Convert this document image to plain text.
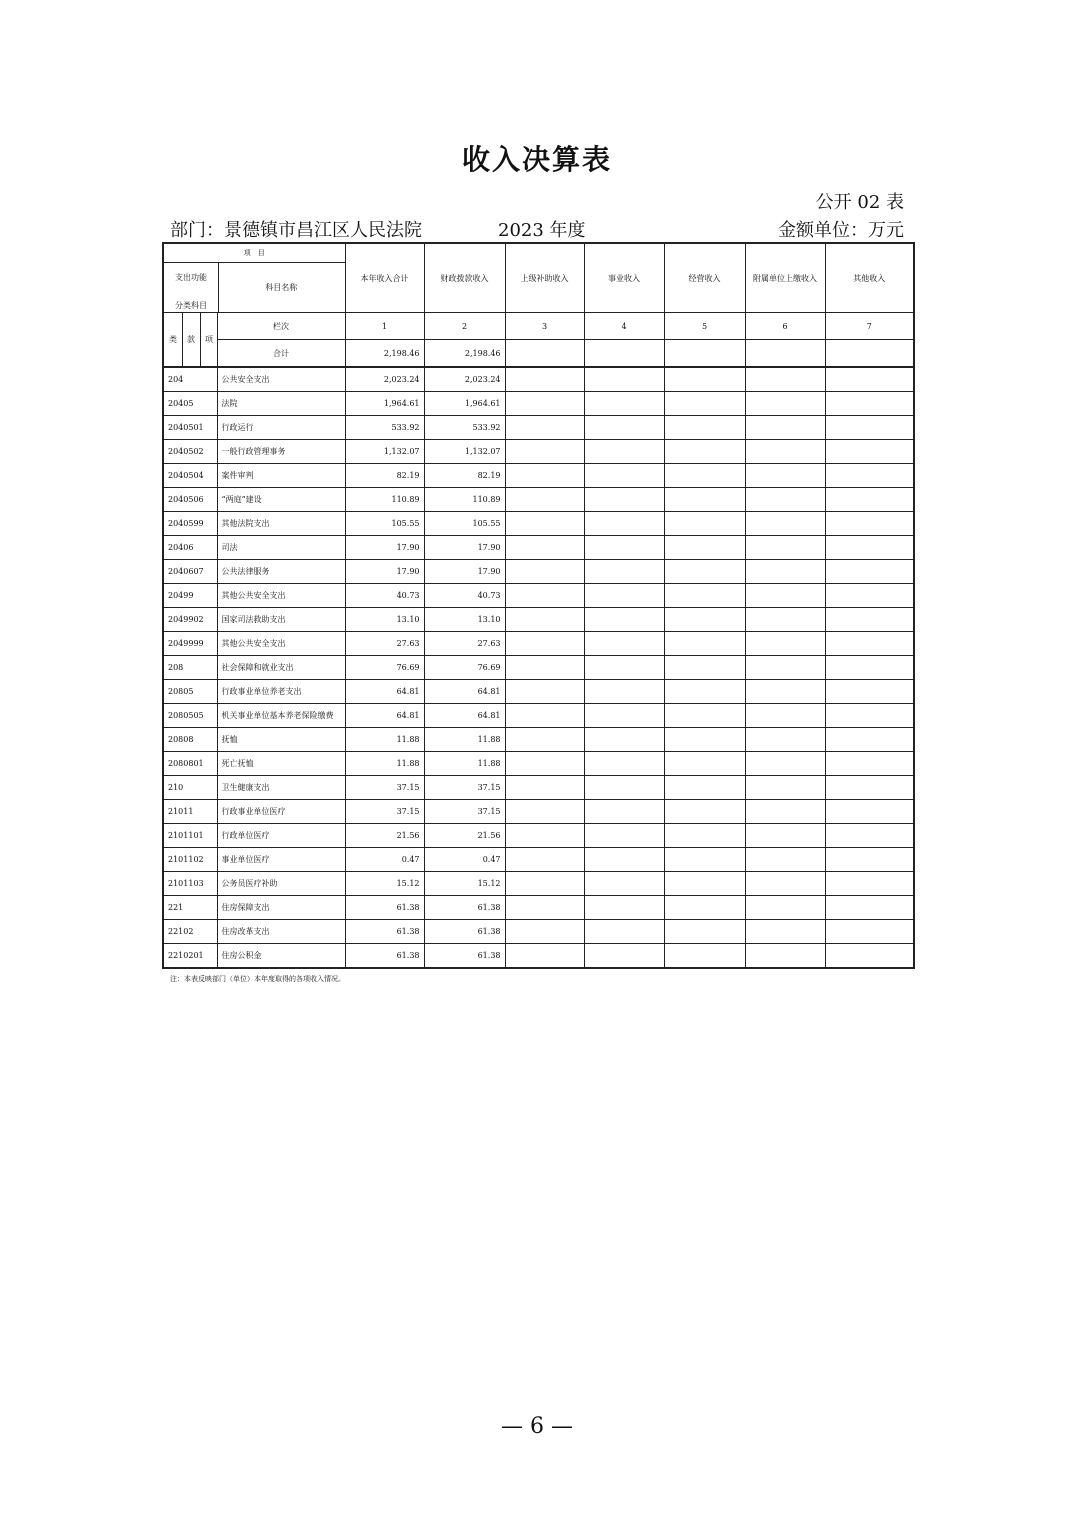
收入决算表
公开 02 表
部门：景德镇市昌江区人民法院	2023 年度	金额单位：万元
项　目
支出功能
分类科目
科目名称		本年收入合计	财政拨款收入	上级补助收入	事业收入	经营收入	附属单位上缴收入	其他收入

类 款 项	栏次	1	2	3	4	5	6	7
	合计	2,198.46	2,198.46					
204	公共安全支出	2,023.24	2,023.24					
20405	法院	1,964.61	1,964.61					
2040501	行政运行	533.92	533.92					
2040502	一般行政管理事务	1,132.07	1,132.07					
2040504	案件审判	82.19	82.19					
2040506	“两庭”建设	110.89	110.89					
2040599	其他法院支出	105.55	105.55					
20406	司法	17.90	17.90					
2040607	公共法律服务	17.90	17.90					
20499	其他公共安全支出	40.73	40.73					
2049902	国家司法救助支出	13.10	13.10					
2049999	其他公共安全支出	27.63	27.63					
208	社会保障和就业支出	76.69	76.69					
20805	行政事业单位养老支出	64.81	64.81					
2080505	机关事业单位基本养老保险缴费	64.81	64.81					
20808	抚恤	11.88	11.88					
2080801	死亡抚恤	11.88	11.88					
210	卫生健康支出	37.15	37.15					
21011	行政事业单位医疗	37.15	37.15					
2101101	行政单位医疗	21.56	21.56					
2101102	事业单位医疗	0.47	0.47					
2101103	公务员医疗补助	15.12	15.12					
221	住房保障支出	61.38	61.38					
22102	住房改革支出	61.38	61.38					
2210201	住房公积金	61.38	61.38					
注：本表反映部门（单位）本年度取得的各项收入情况。
— 6 —
